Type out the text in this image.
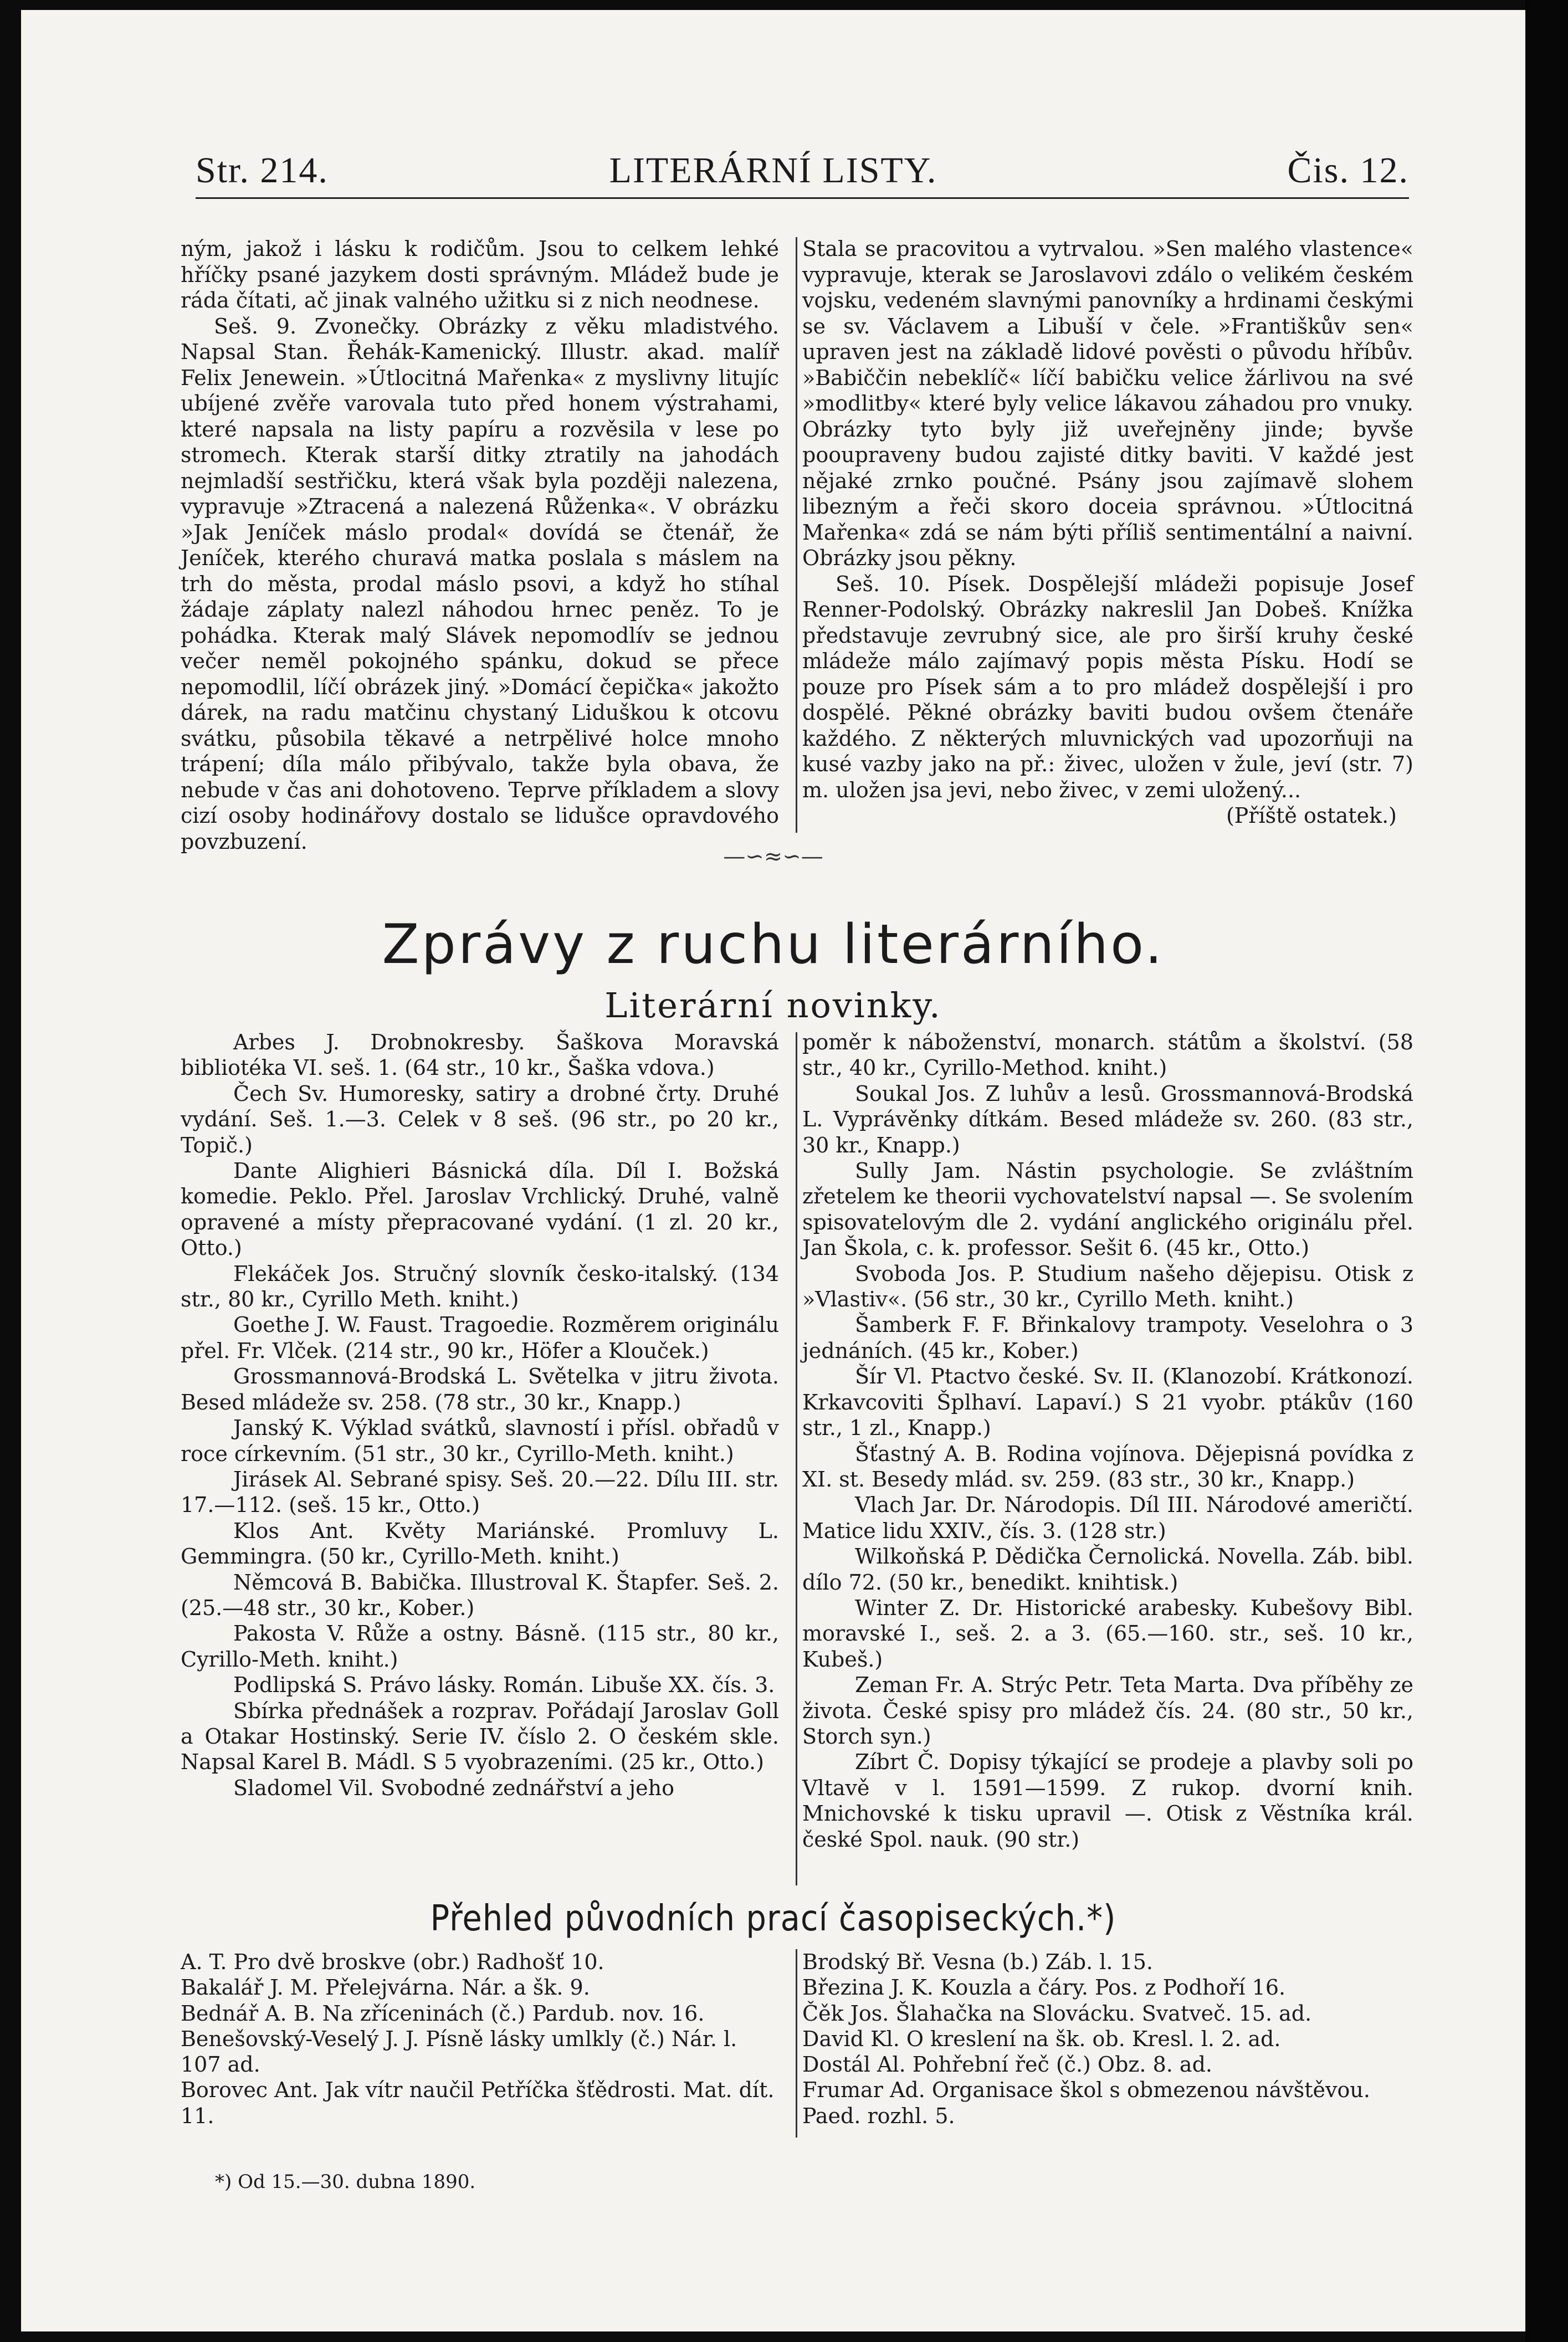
Str. 214.	LITERÁRNÍ LISTY.	Čis. 12.

ným, jakož i lásku k rodičům. Jsou to celkem lehké hříčky psané jazykem dosti správným. Mládež bude je ráda čítati, ač jinak valného užitku si z nich neodnese.

Seš. 9. Zvonečky. Obrázky z věku mladistvého. Napsal Stan. Řehák-Kamenický. Illustr. akad. malíř Felix Jenewein. »Útlocitná Mařenka« z myslivny litujíc ubíjené zvěře varovala tuto před honem výstrahami, které napsala na listy papíru a rozvěsila v lese po stromech. Kterak starší ditky ztratily na jahodách nejmladší sestřičku, která však byla později nalezena, vypravuje »Ztracená a nalezená Růženka«. V obrázku »Jak Jeníček máslo prodal« dovídá se čtenář, že Jeníček, kterého churavá matka poslala s máslem na trh do města, prodal máslo psovi, a když ho stíhal žádaje záplaty nalezl náhodou hrnec peněz. To je pohádka. Kterak malý Slávek nepomodlív se jednou večer neměl pokojného spánku, dokud se přece nepomodlil, líčí obrázek jiný. »Domácí čepička« jakožto dárek, na radu matčinu chystaný Liduškou k otcovu svátku, působila těkavé a netrpělivé holce mnoho trápení; díla málo přibývalo, takže byla obava, že nebude v čas ani dohotoveno. Teprve příkladem a slovy cizí osoby hodinářovy dostalo se lidušce opravdového povzbuzení.

Stala se pracovitou a vytrvalou. »Sen malého vlastence« vypravuje, kterak se Jaroslavovi zdálo o velikém českém vojsku, vedeném slavnými panovníky a hrdinami českými se sv. Václavem a Libuší v čele. »Františkův sen« upraven jest na základě lidové pověsti o původu hříbův. »Babiččin nebeklíč« líčí babičku velice žárlivou na své »modlitby« které byly velice lákavou záhadou pro vnuky. Obrázky tyto byly již uveřejněny jinde; byvše pooupraveny budou zajisté ditky baviti. V každé jest nějaké zrnko poučné. Psány jsou zajímavě slohem libezným a řeči skoro doceia správnou. »Útlocitná Mařenka« zdá se nám býti příliš sentimentální a naivní. Obrázky jsou pěkny.

Seš. 10. Písek. Dospělejší mládeži popisuje Josef Renner-Podolský. Obrázky nakreslil Jan Dobeš. Knížka představuje zevrubný sice, ale pro širší kruhy české mládeže málo zajímavý popis města Písku. Hodí se pouze pro Písek sám a to pro mládež dospělejší i pro dospělé. Pěkné obrázky baviti budou ovšem čtenáře každého. Z některých mluvnických vad upozorňuji na kusé vazby jako na př.: živec, uložen v žule, jeví (str. 7) m. uložen jsa jevi, nebo živec, v zemi uložený...

(Příště ostatek.)

—∽≈∽—
Zprávy z ruchu literárního.
Literární novinky.

Arbes J. Drobnokresby. Šaškova Moravská bibliotéka VI. seš. 1. (64 str., 10 kr., Šaška vdova.)

Čech Sv. Humoresky, satiry a drobné črty. Druhé vydání. Seš. 1.—3. Celek v 8 seš. (96 str., po 20 kr., Topič.)

Dante Alighieri Básnická díla. Díl I. Božská komedie. Peklo. Přel. Jaroslav Vrchlický. Druhé, valně opravené a místy přepracované vydání. (1 zl. 20 kr., Otto.)

Flekáček Jos. Stručný slovník česko-italský. (134 str., 80 kr., Cyrillo Meth. kniht.)

Goethe J. W. Faust. Tragoedie. Rozměrem originálu přel. Fr. Vlček. (214 str., 90 kr., Höfer a Klouček.)

Grossmannová-Brodská L. Světelka v jitru života. Besed mládeže sv. 258. (78 str., 30 kr., Knapp.)

Janský K. Výklad svátků, slavností i přísl. obřadů v roce církevním. (51 str., 30 kr., Cyrillo-Meth. kniht.)

Jirásek Al. Sebrané spisy. Seš. 20.—22. Dílu III. str. 17.—112. (seš. 15 kr., Otto.)

Klos Ant. Květy Mariánské. Promluvy L. Gemmingra. (50 kr., Cyrillo-Meth. kniht.)

Němcová B. Babička. Illustroval K. Štapfer. Seš. 2. (25.—48 str., 30 kr., Kober.)

Pakosta V. Růže a ostny. Básně. (115 str., 80 kr., Cyrillo-Meth. kniht.)

Podlipská S. Právo lásky. Román. Libuše XX. čís. 3.

Sbírka přednášek a rozprav. Pořádají Jaroslav Goll a Otakar Hostinský. Serie IV. číslo 2. O českém skle. Napsal Karel B. Mádl. S 5 vyobrazeními. (25 kr., Otto.)

Sladomel Vil. Svobodné zednářství a jeho

poměr k náboženství, monarch. státům a školství. (58 str., 40 kr., Cyrillo-Method. kniht.)

Soukal Jos. Z luhův a lesů. Grossmannová-Brodská L. Vyprávěnky dítkám. Besed mládeže sv. 260. (83 str., 30 kr., Knapp.)

Sully Jam. Nástin psychologie. Se zvláštním zřetelem ke theorii vychovatelství napsal —. Se svolením spisovatelovým dle 2. vydání anglického originálu přel. Jan Škola, c. k. professor. Sešit 6. (45 kr., Otto.)

Svoboda Jos. P. Studium našeho dějepisu. Otisk z »Vlastiv«. (56 str., 30 kr., Cyrillo Meth. kniht.)

Šamberk F. F. Břinkalovy trampoty. Veselohra o 3 jednáních. (45 kr., Kober.)

Šír Vl. Ptactvo české. Sv. II. (Klanozobí. Krátkonozí. Krkavcoviti Šplhaví. Lapaví.) S 21 vyobr. ptákův (160 str., 1 zl., Knapp.)

Šťastný A. B. Rodina vojínova. Dějepisná povídka z XI. st. Besedy mlád. sv. 259. (83 str., 30 kr., Knapp.)

Vlach Jar. Dr. Národopis. Díl III. Národové američtí. Matice lidu XXIV., čís. 3. (128 str.)

Wilkoňská P. Dědička Černolická. Novella. Záb. bibl. dílo 72. (50 kr., benedikt. knihtisk.)

Winter Z. Dr. Historické arabesky. Kubešovy Bibl. moravské I., seš. 2. a 3. (65.—160. str., seš. 10 kr., Kubeš.)

Zeman Fr. A. Strýc Petr. Teta Marta. Dva příběhy ze života. České spisy pro mládež čís. 24. (80 str., 50 kr., Storch syn.)

Zíbrt Č. Dopisy týkající se prodeje a plavby soli po Vltavě v l. 1591—1599. Z rukop. dvorní knih. Mnichovské k tisku upravil —. Otisk z Věstníka král. české Spol. nauk. (90 str.)

Přehled původních prací časopiseckých.*)

A. T. Pro dvě broskve (obr.) Radhošť 10.

Bakalář J. M. Přelejvárna. Nár. a šk. 9.

Bednář A. B. Na zříceninách (č.) Pardub. nov. 16.

Benešovský-Veselý J. J. Písně lásky umlkly (č.) Nár. l. 107 ad.

Borovec Ant. Jak vítr naučil Petříčka šťědrosti. Mat. dít. 11.

Brodský Bř. Vesna (b.) Záb. l. 15.

Březina J. K. Kouzla a čáry. Pos. z Podhoří 16.

Čěk Jos. Šlahačka na Slovácku. Svatveč. 15. ad.

David Kl. O kreslení na šk. ob. Kresl. l. 2. ad.

Dostál Al. Pohřební řeč (č.) Obz. 8. ad.

Frumar Ad. Organisace škol s obmezenou návštěvou. Paed. rozhl. 5.

*) Od 15.—30. dubna 1890.
